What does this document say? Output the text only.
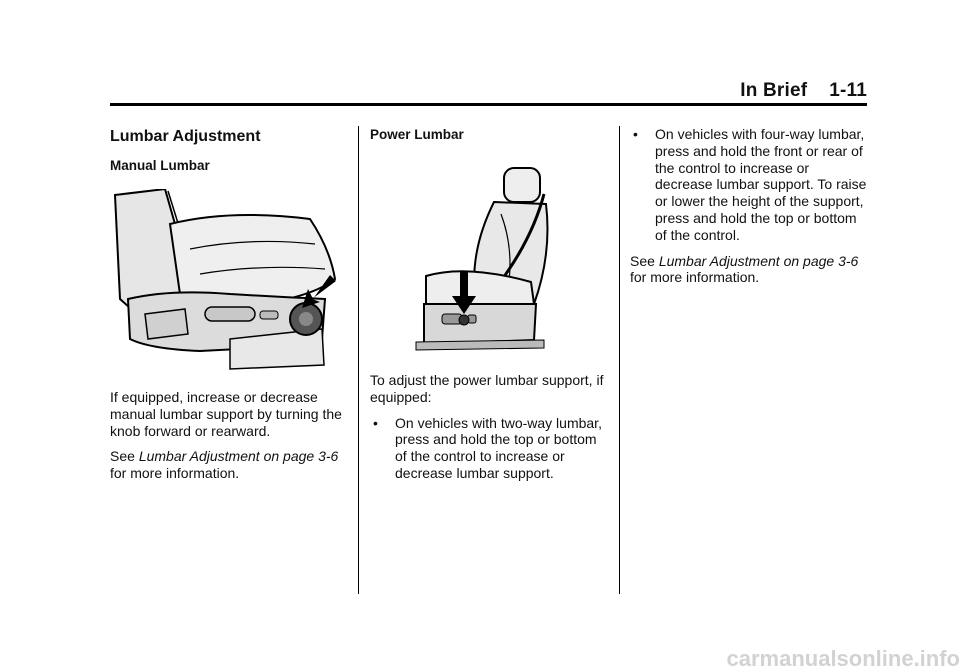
In Brief 1-11
Lumbar Adjustment
Manual Lumbar

If equipped, increase or decrease manual lumbar support by turning the knob forward or rearward.

See Lumbar Adjustment on page 3-6 for more information.

Power Lumbar

To adjust the power lumbar support, if equipped:

• On vehicles with two-way lumbar, press and hold the top or bottom of the control to increase or decrease lumbar support.
• On vehicles with four-way lumbar, press and hold the front or rear of the control to increase or decrease lumbar support. To raise or lower the height of the support, press and hold the top or bottom of the control.

See Lumbar Adjustment on page 3-6 for more information.

carmanualsonline.info
